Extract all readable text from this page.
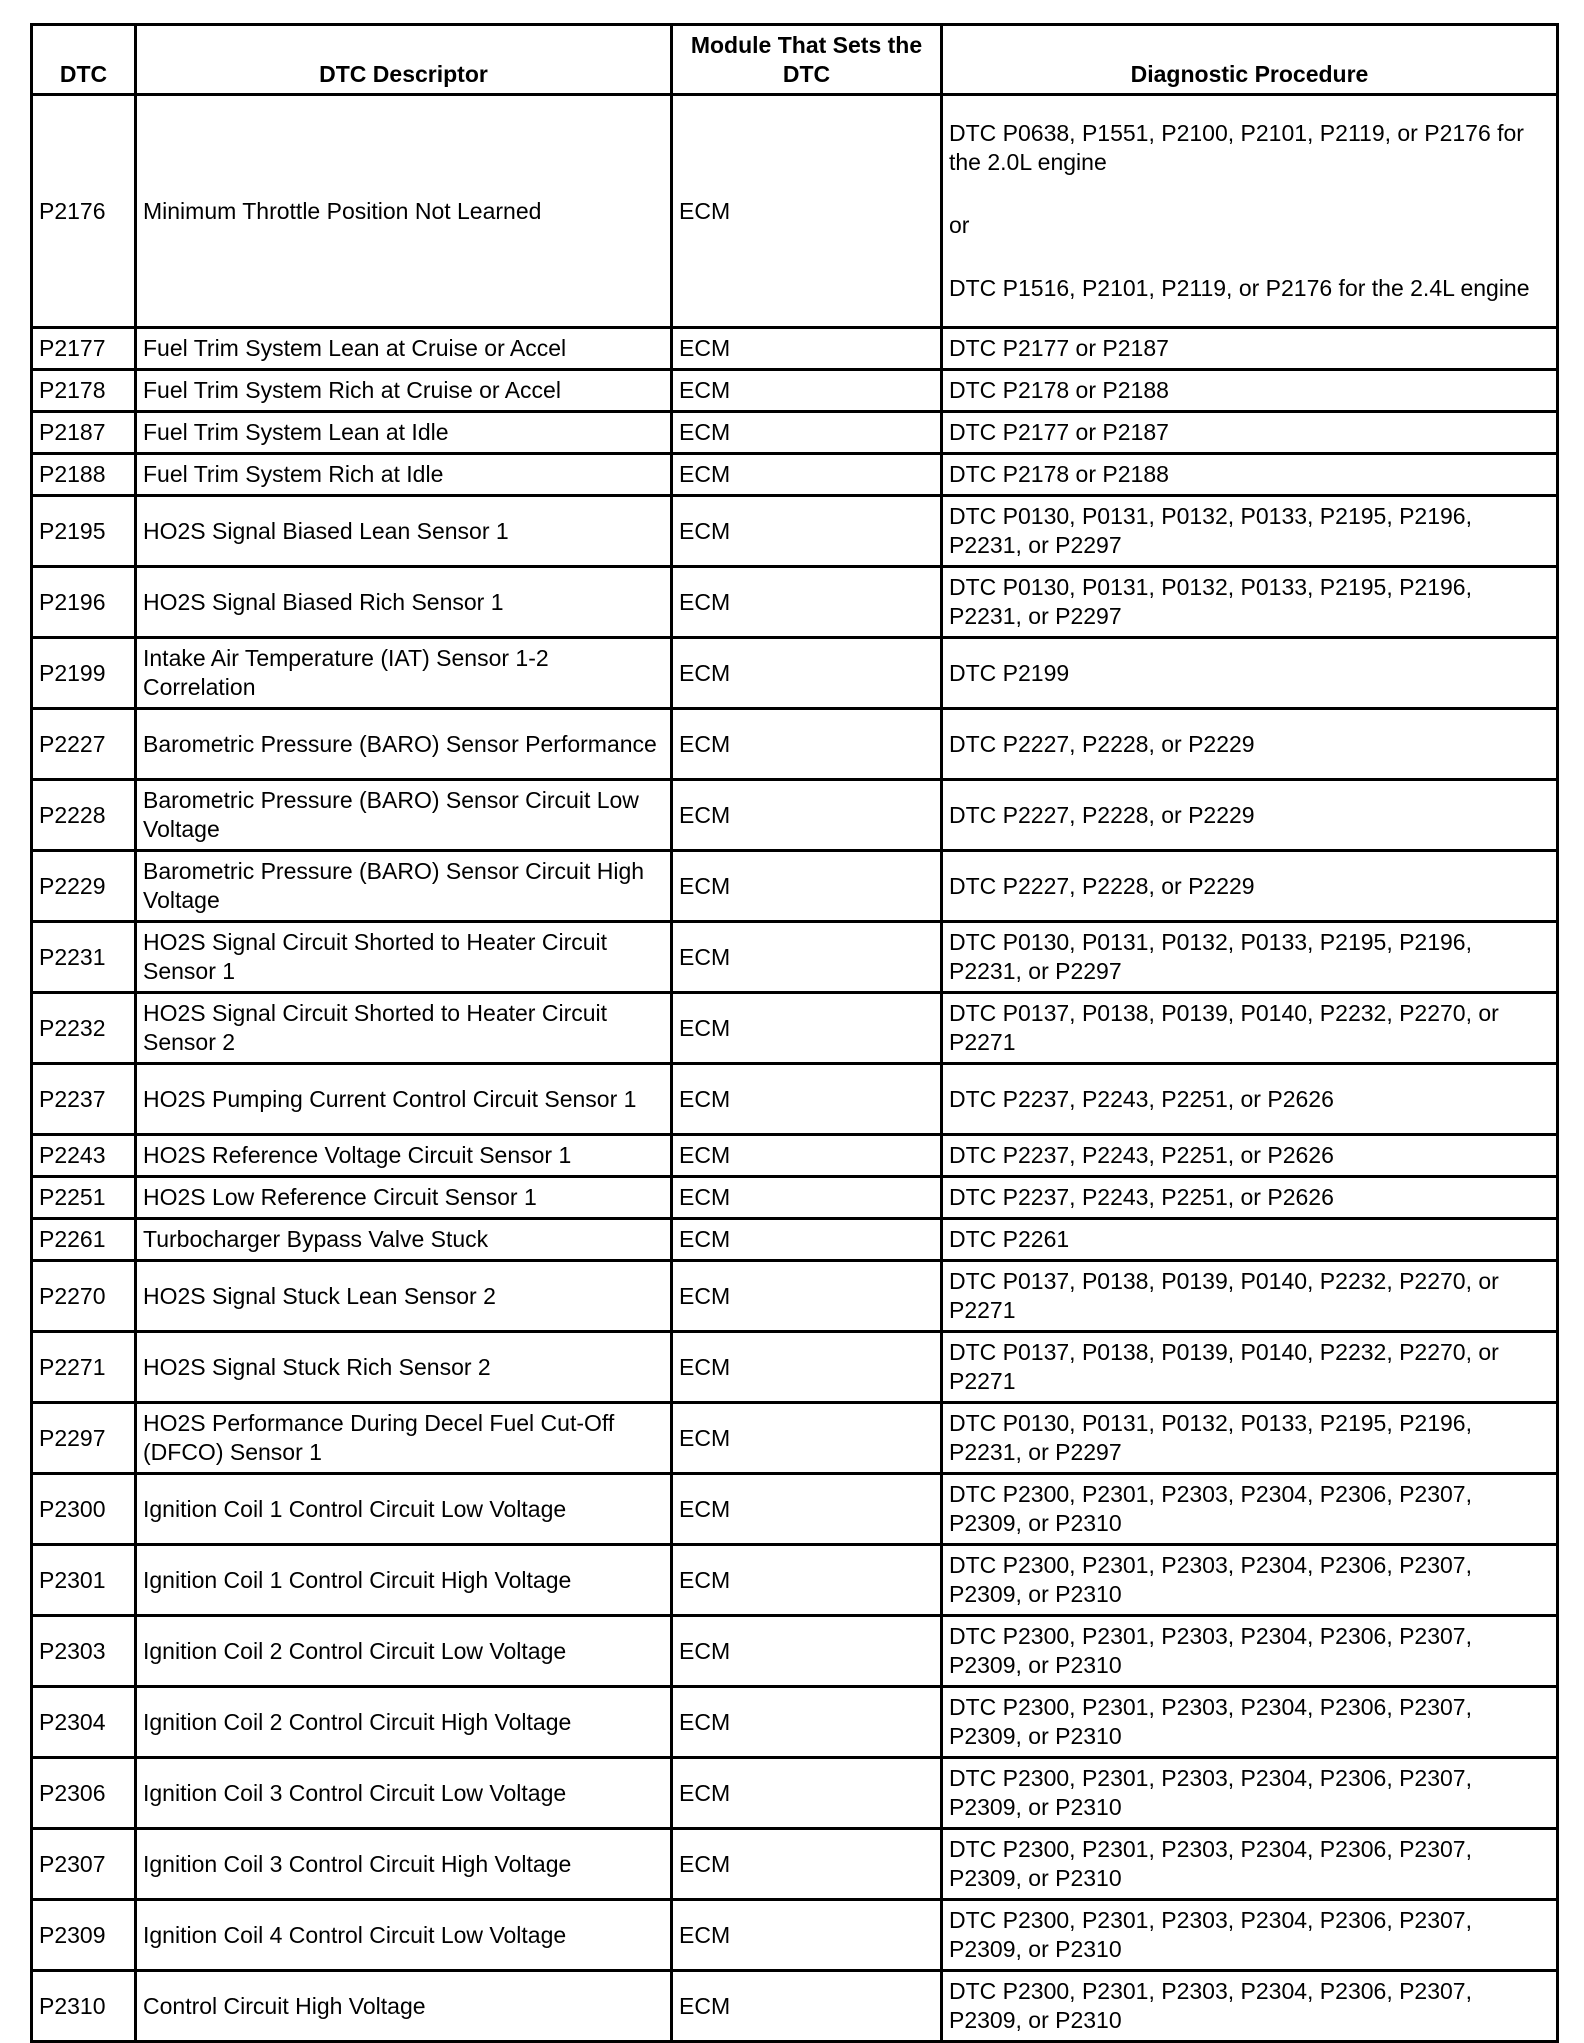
DTC	DTC Descriptor	Module That Sets the DTC	Diagnostic Procedure
P2176	Minimum Throttle Position Not Learned	ECM	DTC P0638, P1551, P2100, P2101, P2119, or P2176 for the 2.0L engine
or
DTC P1516, P2101, P2119, or P2176 for the 2.4L engine

P2177	Fuel Trim System Lean at Cruise or Accel	ECM	DTC P2177 or P2187
P2178	Fuel Trim System Rich at Cruise or Accel	ECM	DTC P2178 or P2188
P2187	Fuel Trim System Lean at Idle	ECM	DTC P2177 or P2187
P2188	Fuel Trim System Rich at Idle	ECM	DTC P2178 or P2188
P2195	HO2S Signal Biased Lean Sensor 1	ECM	DTC P0130, P0131, P0132, P0133, P2195, P2196, P2231, or P2297
P2196	HO2S Signal Biased Rich Sensor 1	ECM	DTC P0130, P0131, P0132, P0133, P2195, P2196, P2231, or P2297
P2199	Intake Air Temperature (IAT) Sensor 1-2 Correlation	ECM	DTC P2199
P2227	Barometric Pressure (BARO) Sensor Performance	ECM	DTC P2227, P2228, or P2229
P2228	Barometric Pressure (BARO) Sensor Circuit Low Voltage	ECM	DTC P2227, P2228, or P2229
P2229	Barometric Pressure (BARO) Sensor Circuit High Voltage	ECM	DTC P2227, P2228, or P2229
P2231	HO2S Signal Circuit Shorted to Heater Circuit Sensor 1	ECM	DTC P0130, P0131, P0132, P0133, P2195, P2196, P2231, or P2297
P2232	HO2S Signal Circuit Shorted to Heater Circuit Sensor 2	ECM	DTC P0137, P0138, P0139, P0140, P2232, P2270, or P2271
P2237	HO2S Pumping Current Control Circuit Sensor 1	ECM	DTC P2237, P2243, P2251, or P2626
P2243	HO2S Reference Voltage Circuit Sensor 1	ECM	DTC P2237, P2243, P2251, or P2626
P2251	HO2S Low Reference Circuit Sensor 1	ECM	DTC P2237, P2243, P2251, or P2626
P2261	Turbocharger Bypass Valve Stuck	ECM	DTC P2261
P2270	HO2S Signal Stuck Lean Sensor 2	ECM	DTC P0137, P0138, P0139, P0140, P2232, P2270, or P2271
P2271	HO2S Signal Stuck Rich Sensor 2	ECM	DTC P0137, P0138, P0139, P0140, P2232, P2270, or P2271
P2297	HO2S Performance During Decel Fuel Cut-Off (DFCO) Sensor 1	ECM	DTC P0130, P0131, P0132, P0133, P2195, P2196, P2231, or P2297
P2300	Ignition Coil 1 Control Circuit Low Voltage	ECM	DTC P2300, P2301, P2303, P2304, P2306, P2307, P2309, or P2310
P2301	Ignition Coil 1 Control Circuit High Voltage	ECM	DTC P2300, P2301, P2303, P2304, P2306, P2307, P2309, or P2310
P2303	Ignition Coil 2 Control Circuit Low Voltage	ECM	DTC P2300, P2301, P2303, P2304, P2306, P2307, P2309, or P2310
P2304	Ignition Coil 2 Control Circuit High Voltage	ECM	DTC P2300, P2301, P2303, P2304, P2306, P2307, P2309, or P2310
P2306	Ignition Coil 3 Control Circuit Low Voltage	ECM	DTC P2300, P2301, P2303, P2304, P2306, P2307, P2309, or P2310
P2307	Ignition Coil 3 Control Circuit High Voltage	ECM	DTC P2300, P2301, P2303, P2304, P2306, P2307, P2309, or P2310
P2309	Ignition Coil 4 Control Circuit Low Voltage	ECM	DTC P2300, P2301, P2303, P2304, P2306, P2307, P2309, or P2310
P2310	Control Circuit High Voltage	ECM	DTC P2300, P2301, P2303, P2304, P2306, P2307, P2309, or P2310
